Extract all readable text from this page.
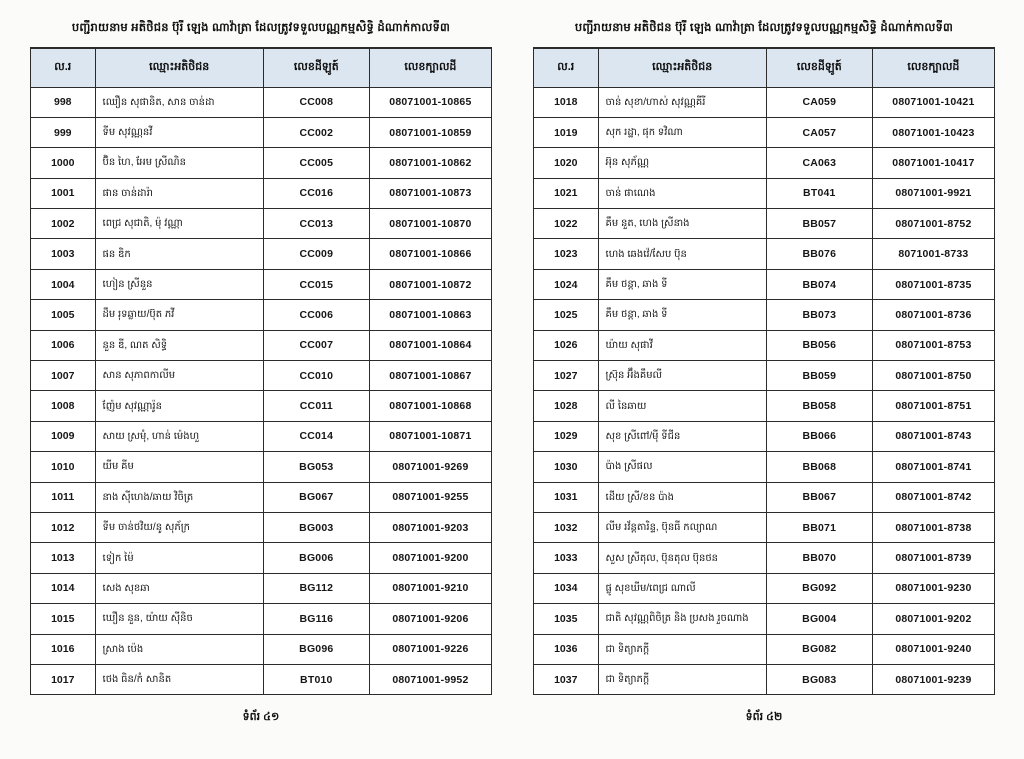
បញ្ជីរាយនាម អតិថិជន ប៊ុរី ឡេង ណាវ៉ាត្រា ដែលត្រូវទទួលបណ្ណកម្មសិទ្ធិ ដំណាក់កាលទី៣
ល.រ	ឈ្មោះអតិថិជន	លេខដីឡូត៍	លេខក្បាលដី
998	ឈឿន សុផានិត, សាន ចាន់ដា	CC008	08071001-10865
999	ទីម សុវណ្ណនវី	CC002	08071001-10859
1000	ប៊ិន ហៃ, អែម ស្រីណិន	CC005	08071001-10862
1001	ផាន ចាន់ដារ៉ា	CC016	08071001-10873
1002	ពេជ្រ សុជាតិ, ម៉ុ វណ្ណា	CC013	08071001-10870
1003	ផន ឌិក	CC009	08071001-10866
1004	ហៀន ស្រីនួន	CC015	08071001-10872
1005	ដឹម រុទឆ្លាយ/ប៊ុត ភវី	CC006	08071001-10863
1006	នួន ឌី, ណត សិទ្ធិ	CC007	08071001-10864
1007	សាន សុភាពកាលីម	CC010	08071001-10867
1008	ញ៉ែម សុវណ្ណារ៉ូន	CC011	08071001-10868
1009	សាយ ស្រមុំ, ហាន់ ម៉េងហួ	CC014	08071001-10871
1010	យីម គីម	BG053	08071001-9269
1011	នាង ស៊ីហេង/ឆាយ វិចិត្រ	BG067	08071001-9255
1012	ទីម ចាន់ថវិយ/នូ សុភ័ក្រ	BG003	08071001-9203
1013	ទៀក ម៉ៃ	BG006	08071001-9200
1014	សេង សុខឆា	BG112	08071001-9210
1015	ឃឿន នួន, យ៉ាយ ស៊ីនិច	BG116	08071001-9206
1016	ស្រាង ប៉េង	BG096	08071001-9226
1017	ថេង ធិន/កំ សានិត	BT010	08071001-9952
ទំព័រ ៤១
បញ្ជីរាយនាម អតិថិជន ប៊ុរី ឡេង ណាវ៉ាត្រា ដែលត្រូវទទួលបណ្ណកម្មសិទ្ធិ ដំណាក់កាលទី៣
ល.រ	ឈ្មោះអតិថិជន	លេខដីឡូត៍	លេខក្បាលដី
1018	ចាន់ សុខា/ហាស់ សុវណ្ណគីរី	CA059	08071001-10421
1019	សុក រដ្ឋា, ផុក ទវិណា	CA057	08071001-10423
1020	អ៊ុន សុភ័ណ្ណ	CA063	08071001-10417
1021	ចាន់ ផាណេង	BT041	08071001-9921
1022	គឹម នួត, ហេង ស្រីនាង	BB057	08071001-8752
1023	ហេង ឆេងវ៉េ/សែប ប៊ុន	BB076	8071001-8733
1024	គឹម ថន្តា, ឆាង ទី	BB074	08071001-8735
1025	គឹម ថន្តា, ឆាង ទី	BB073	08071001-8736
1026	ឃ៉ាយ សុផាវី	BB056	08071001-8753
1027	ស្រ៊ុន អ៊ឹងគឹមលី	BB059	08071001-8750
1028	លី នៃឆាយ	BB058	08071001-8751
1029	សុខ ស្រីពៅ/ម៉ី ទីជីន	BB066	08071001-8743
1030	ប៉ាង ស្រីផល	BB068	08071001-8741
1031	ដើយ ស្រី/ខន ប៉ាង	BB067	08071001-8742
1032	លីម រវ័ន្តតារិន្ទ, ប៊ុនធី កល្យាណ	BB071	08071001-8738
1033	សួស ស្រីតុល, ប៊ុនតុល ប៊ុនថន	BB070	08071001-8739
1034	ផ្លូ សុខឃីម/ពេជ្រ ណាលី	BG092	08071001-9230
1035	ជាតិ សុវណ្ណពិចិត្រ និង ប្រសង រួចណាង	BG004	08071001-9202
1036	ជា ទិត្យាភក្តី	BG082	08071001-9240
1037	ជា ទិត្យាភក្តី	BG083	08071001-9239
ទំព័រ ៤២
